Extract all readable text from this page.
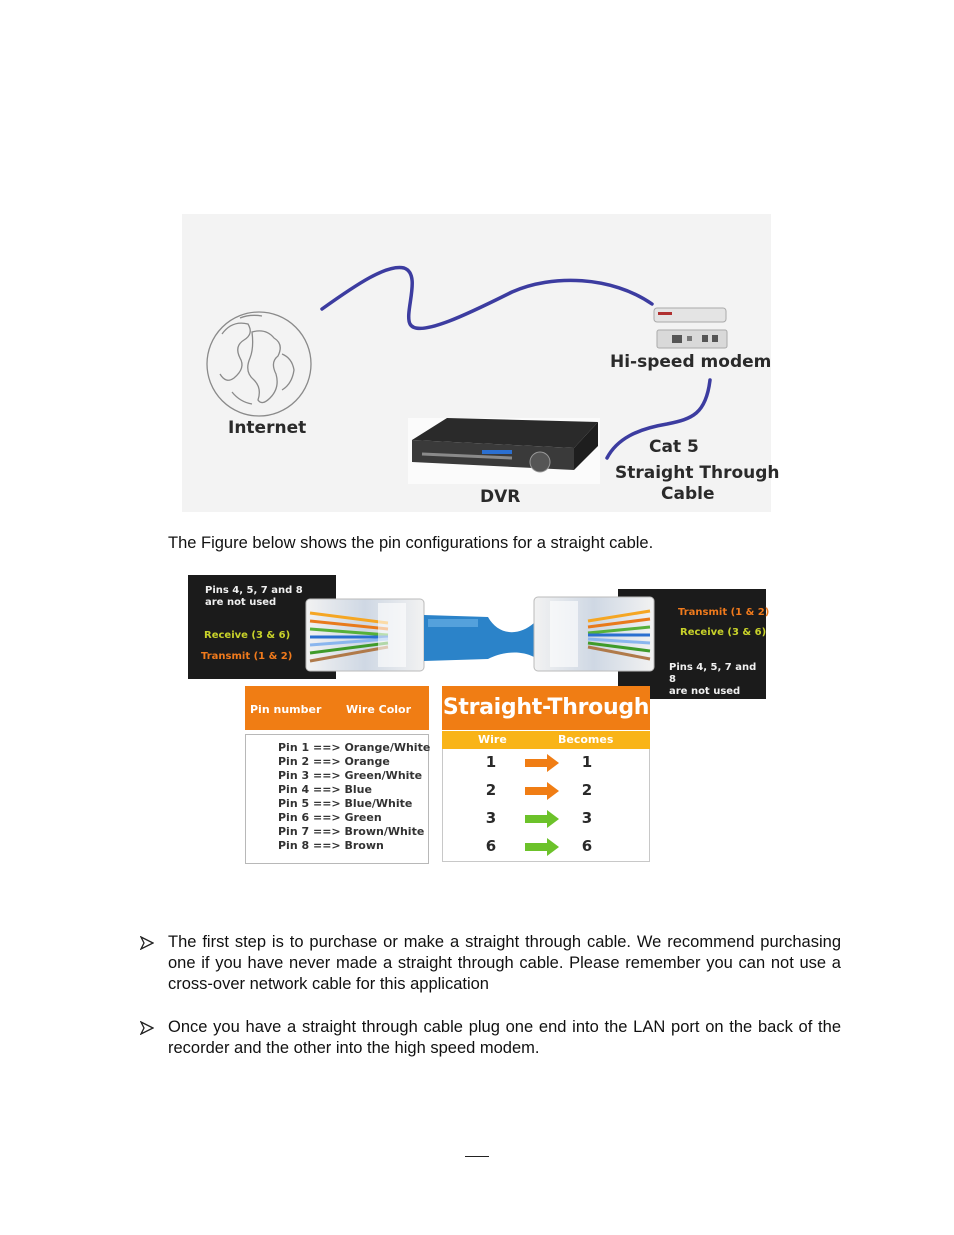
Internet
Hi-speed modem
DVR
Cat 5
Straight Through
Cable
The Figure below shows the pin configurations for a straight cable.
Pins 4, 5, 7 and 8
are not used
Receive (3 & 6)
Transmit (1 & 2)
Transmit (1 & 2)
Receive (3 & 6)
Pins 4, 5, 7 and 8
are not used
Pin number Wire Color
Pin 1 ==> Orange/White
Pin 2 ==> Orange
Pin 3 ==> Green/White
Pin 4 ==> Blue
Pin 5 ==> Blue/White
Pin 6 ==> Green
Pin 7 ==> Brown/White
Pin 8 ==> Brown
Straight-Through
Wire	Becomes
1	1
2	2
3	3
6	6
The first step is to purchase or make a straight through cable. We recommend purchasing one if you have never made a straight through cable. Please remember you can not use a cross-over network cable for this application
Once you have a straight through cable plug one end into the LAN port on the back of the recorder and the other into the high speed modem.
